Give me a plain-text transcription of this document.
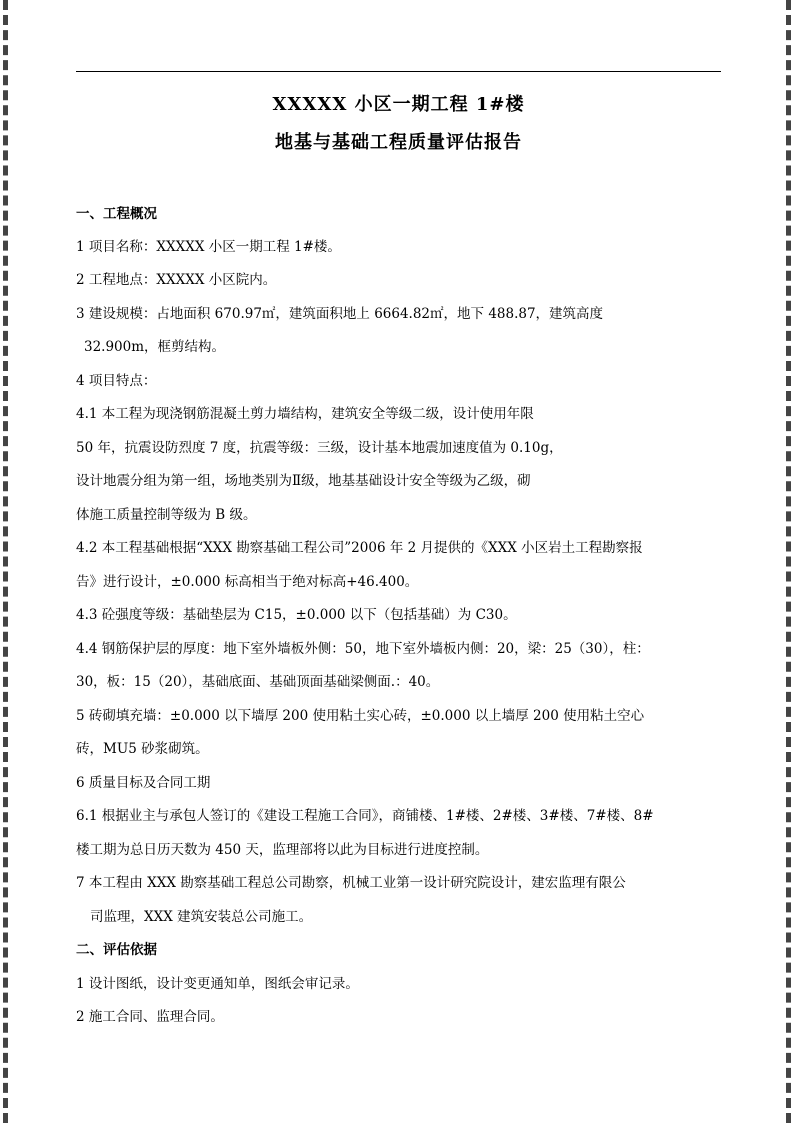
XXXXX 小区一期工程 1#楼
地基与基础工程质量评估报告
一、工程概况
1 项目名称：XXXXX 小区一期工程 1#楼。
2 工程地点：XXXXX 小区院内。
3 建设规模：占地面积 670.97㎡，建筑面积地上 6664.82㎡，地下 488.87，建筑高度
32.900m，框剪结构。
4 项目特点：
4.1 本工程为现浇钢筋混凝土剪力墙结构，建筑安全等级二级，设计使用年限
50 年，抗震设防烈度 7 度，抗震等级：三级，设计基本地震加速度值为 0.10g，
设计地震分组为第一组，场地类别为Ⅱ级，地基基础设计安全等级为乙级，砌
体施工质量控制等级为 B 级。
4.2 本工程基础根据“XXX 勘察基础工程公司”2006 年 2 月提供的《XXX 小区岩土工程勘察报
告》进行设计，±0.000 标高相当于绝对标高+46.400。
4.3 砼强度等级：基础垫层为 C15，±0.000 以下（包括基础）为 C30。
4.4 钢筋保护层的厚度：地下室外墙板外侧：50，地下室外墙板内侧：20，梁：25（30），柱：
30，板：15（20），基础底面、基础顶面基础梁侧面.：40。
5 砖砌填充墙：±0.000 以下墙厚 200 使用粘土实心砖，±0.000 以上墙厚 200 使用粘土空心
砖，MU5 砂浆砌筑。
6 质量目标及合同工期
6.1 根据业主与承包人签订的《建设工程施工合同》，商铺楼、1#楼、2#楼、3#楼、7#楼、8#
楼工期为总日历天数为 450 天，监理部将以此为目标进行进度控制。
7 本工程由 XXX 勘察基础工程总公司勘察，机械工业第一设计研究院设计，建宏监理有限公
司监理，XXX 建筑安装总公司施工。
二、评估依据
1 设计图纸，设计变更通知单，图纸会审记录。
2 施工合同、监理合同。
